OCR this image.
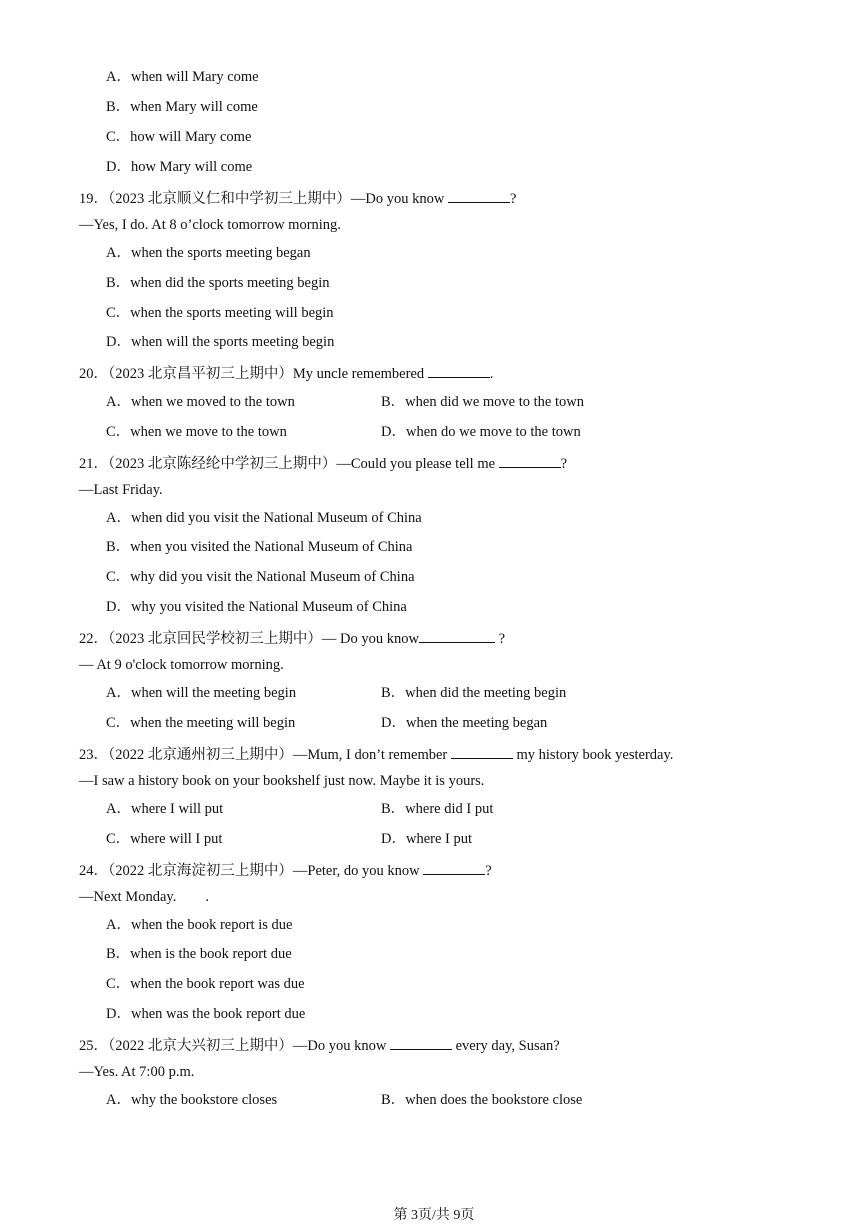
A．when will Mary come
B．when Mary will come
C．how will Mary come
D．how Mary will come
19．（2023 北京顺义仁和中学初三上期中）—Do you know	?
—Yes, I do. At 8 o’clock tomorrow morning.
A．when the sports meeting began
B．when did the sports meeting begin
C．when the sports meeting will begin
D．when will the sports meeting begin
20．（2023 北京昌平初三上期中）My uncle remembered	.
A．when we moved to the town	B．when did we move to the town
C．when we move to the town	D．when do we move to the town
21．（2023 北京陈经纶中学初三上期中）—Could you please tell me	?
—Last Friday.
A．when did you visit the National Museum of China
B．when you visited the National Museum of China
C．why did you visit the National Museum of China
D．why you visited the National Museum of China
22．（2023 北京回民学校初三上期中）— Do you know	?
— At 9 o'clock tomorrow morning.
A．when will the meeting begin	B．when did the meeting begin
C．when the meeting will begin	D．when the meeting began
23．（2022 北京通州初三上期中）—Mum, I don’t remember	my history book yesterday.
—I saw a history book on your bookshelf just now. Maybe it is yours.
A．where I will put	B．where did I put
C．where will I put	D．where I put
24．（2022 北京海淀初三上期中）—Peter, do you know	?
—Next Monday.        .
A．when the book report is due
B．when is the book report due
C．when the book report was due
D．when was the book report due
25．（2022 北京大兴初三上期中）—Do you know	every day, Susan?
—Yes. At 7:00 p.m.
A．why the bookstore closes	B．when does the bookstore close
第 3页/共 9页
